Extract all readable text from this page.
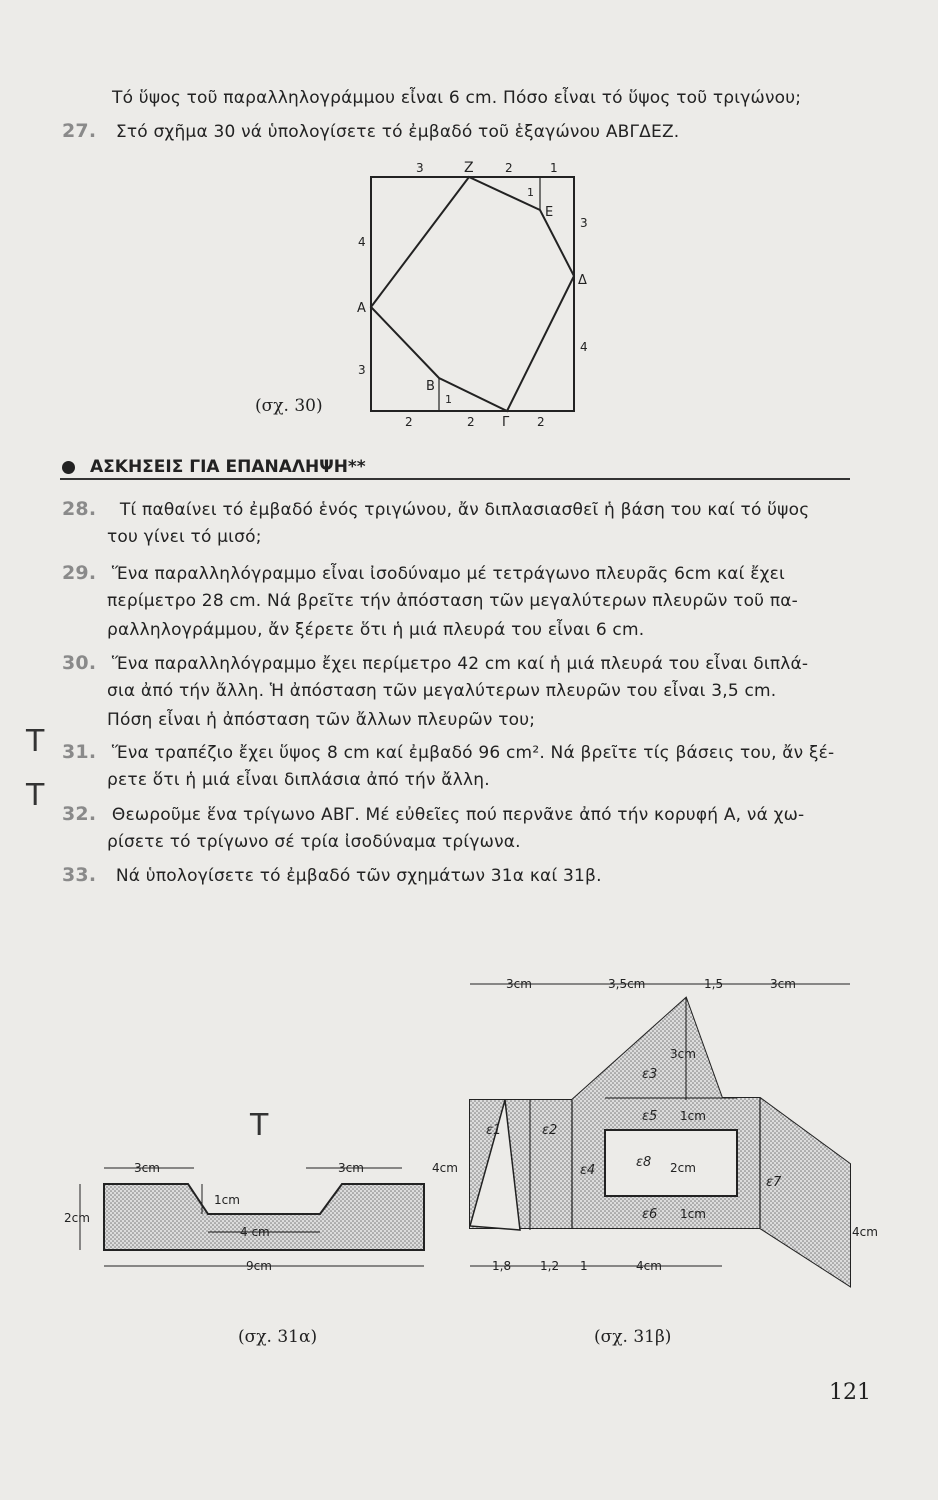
Τό ὕψος τοῦ παραλληλογράμμου εἶναι 6 cm. Πόσο εἶναι τό ὕψος τοῦ τριγώνου;
27. Στό σχῆμα 30 νά ὑπολογίσετε τό ἐμβαδό τοῦ ἑξαγώνου ΑΒΓΔΕΖ.
3	Ζ	2	1
4
Α
3
3
Δ
4
2	2 Γ 2
1
Ε
Β
1
(σχ. 30)
ΑΣΚΗΣΕΙΣ ΓΙΑ ΕΠΑΝΑΛΗΨΗ**
28. Τί παθαίνει τό ἐμβαδό ἑνός τριγώνου, ἄν διπλασιασθεῖ ἡ βάση του καί τό ὕψος
του γίνει τό μισό;
29. Ἕνα παραλληλόγραμμο εἶναι ἰσοδύναμο μέ τετράγωνο πλευρᾶς 6cm καί ἔχει
περίμετρο 28 cm. Νά βρεῖτε τήν ἀπόσταση τῶν μεγαλύτερων πλευρῶν τοῦ πα-
ραλληλογράμμου, ἄν ξέρετε ὅτι ἡ μιά πλευρά του εἶναι 6 cm.
30. Ἕνα παραλληλόγραμμο ἔχει περίμετρο 42 cm καί ἡ μιά πλευρά του εἶναι διπλά-
σια ἀπό τήν ἄλλη. Ἡ ἀπόσταση τῶν μεγαλύτερων πλευρῶν του εἶναι 3,5 cm.
Πόση εἶναι ἡ ἀπόσταση τῶν ἄλλων πλευρῶν του;
31. Ἕνα τραπέζιο ἔχει ὕψος 8 cm καί ἐμβαδό 96 cm². Νά βρεῖτε τίς βάσεις του, ἄν ξέ-
ρετε ὅτι ἡ μιά εἶναι διπλάσια ἀπό τήν ἄλλη.
32. Θεωροῦμε ἕνα τρίγωνο ΑΒΓ. Μέ εὐθεῖες πού περνᾶνε ἀπό τήν κορυφή Α, νά χω-
ρίσετε τό τρίγωνο σέ τρία ἰσοδύναμα τρίγωνα.
33. Νά ὑπολογίσετε τό ἐμβαδό τῶν σχημάτων 31α καί 31β.
T
T
T
3cm	3cm
1cm
4 cm
2cm
9cm
(σχ. 31α)
3cm	3,5cm	1,5	3cm
1,8 1,2 1	4cm
3cm
1cm
2cm
1cm
4cm
4cm
ε1	ε2
ε3
ε4
ε5
ε6
ε7
ε8
(σχ. 31β)
121
